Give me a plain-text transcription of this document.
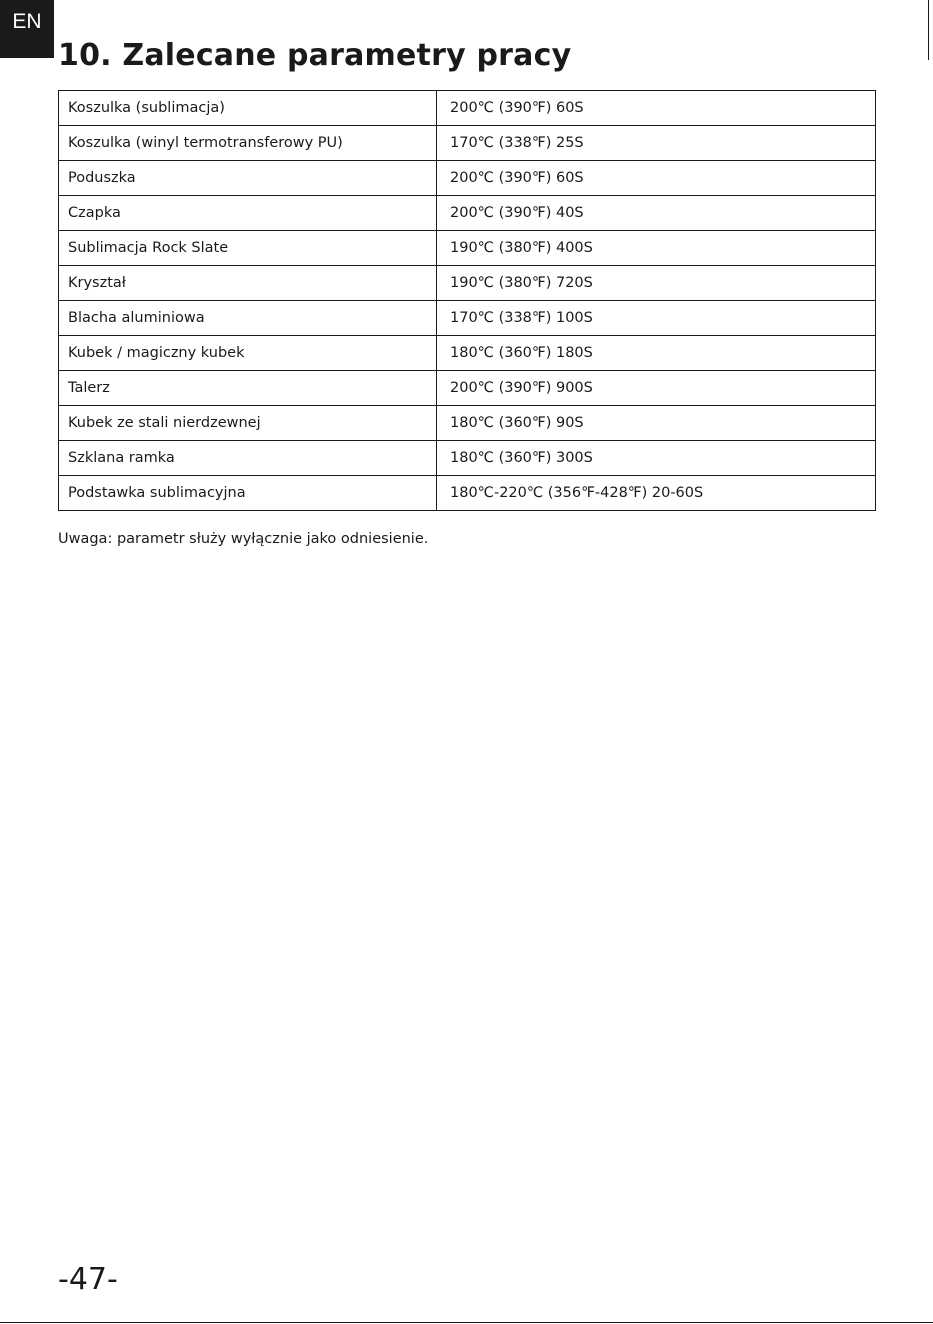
EN
10. Zalecane parametry pracy
Koszulka (sublimacja)	200℃ (390℉) 60S
Koszulka (winyl termotransferowy PU)	170℃ (338℉) 25S
Poduszka	200℃ (390℉) 60S
Czapka	200℃ (390℉) 40S
Sublimacja Rock Slate	190℃ (380℉) 400S
Kryształ	190℃ (380℉) 720S
Blacha aluminiowa	170℃ (338℉) 100S
Kubek / magiczny kubek	180℃ (360℉) 180S
Talerz	200℃ (390℉) 900S
Kubek ze stali nierdzewnej	180℃ (360℉) 90S
Szklana ramka	180℃ (360℉) 300S
Podstawka sublimacyjna	180℃-220℃ (356℉-428℉) 20-60S

Uwaga: parametr służy wyłącznie jako odniesienie.

-47-
